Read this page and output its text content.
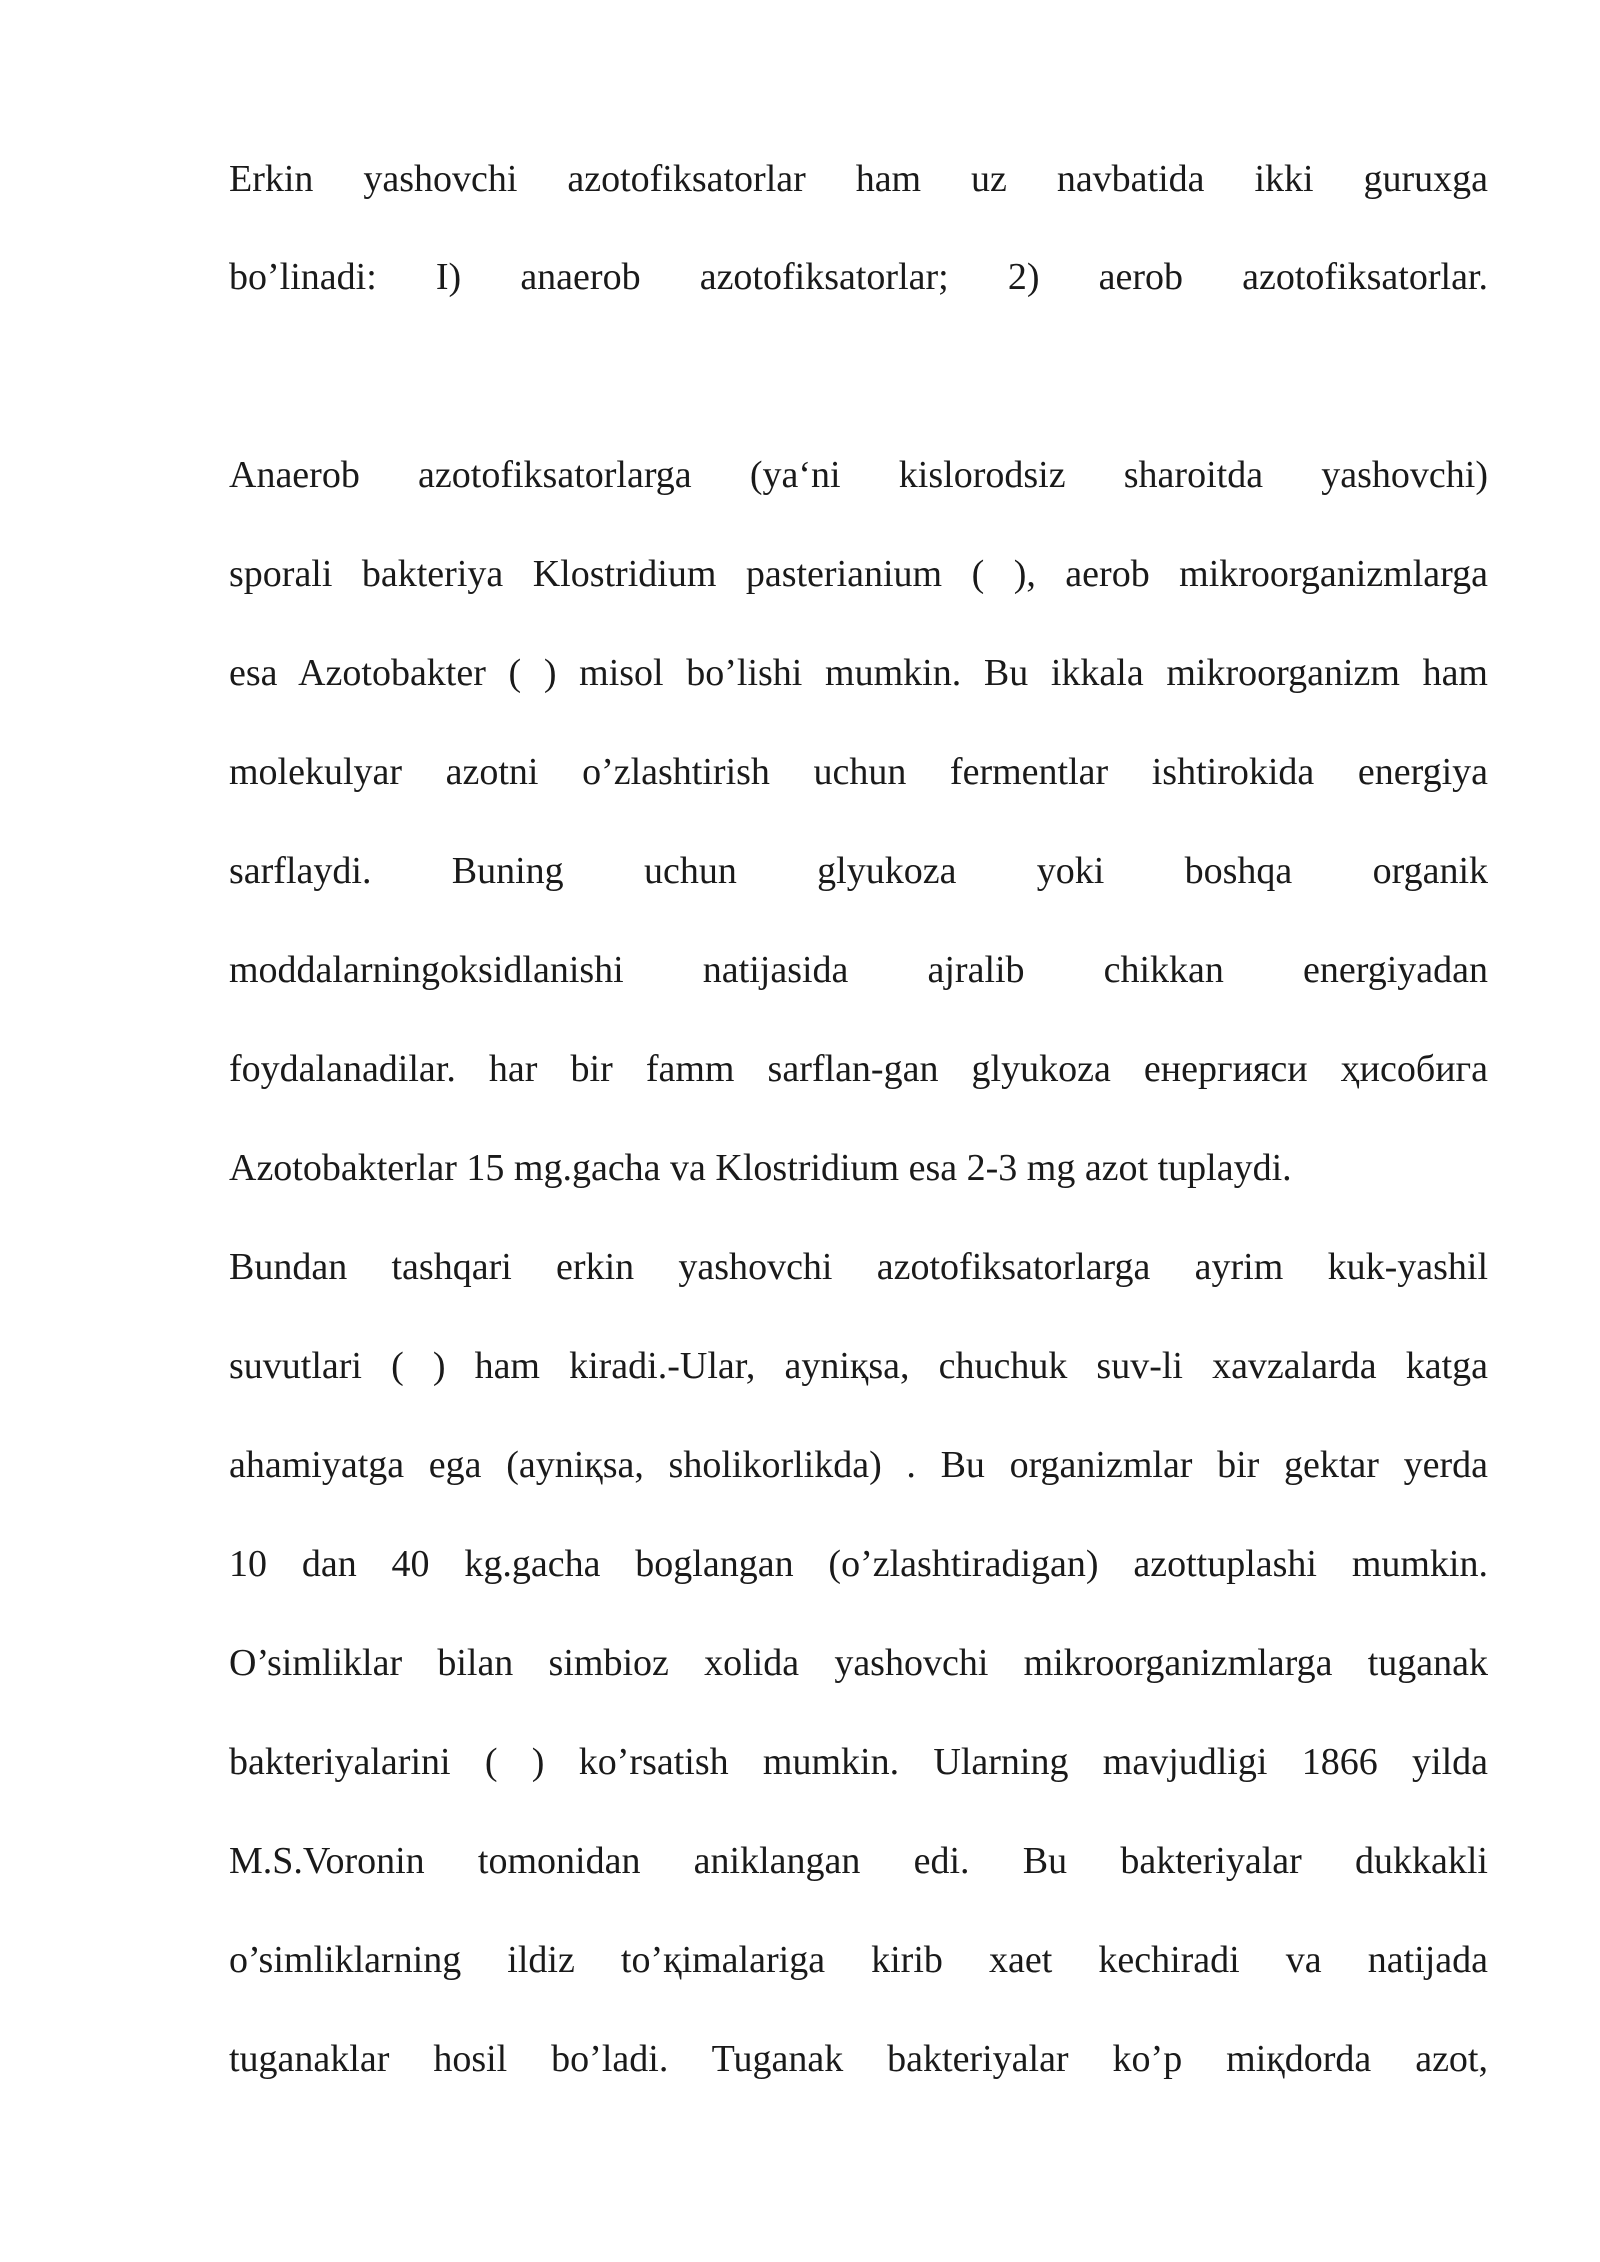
Erkin yashovchi azotofiksatorlar ham uz navbatida ikki guruxga
bo’linadi: I) anaerob azotofiksatorlar; 2) aerob azotofiksatorlar.
Anaerob azotofiksatorlarga (ya‘ni kislorodsiz sharoitda yashovchi)
sporali bakteriya Klostridium pasterianium ( ), aerob mikroorganizmlarga
esa Azotobakter ( ) misol bo’lishi mumkin. Bu ikkala mikroorganizm ham
molekulyar azotni o’zlashtirish uchun fermentlar ishtirokida energiya
sarflaydi. Buning uchun glyukoza yoki boshqa organik
moddalarningoksidlanishi natijasida ajralib chikkan energiyadan
foydalanadilar. har bir famm sarflan-gan glyukoza енергияси ҳисобига
Azotobakterlar 15 mg.gacha va Klostridium esa 2-3 mg azot tuplaydi.
Bundan tashqari erkin yashovchi azotofiksatorlarga ayrim kuk-yashil
suvutlari ( ) ham kiradi.-Ular, ayniқsa, chuchuk suv-li xavzalarda katga
ahamiyatga ega (ayniқsa, sholikorlikda) . Bu organizmlar bir gektar yerda
10 dan 40 kg.gacha boglangan (o’zlashtiradigan) azottuplashi mumkin.
O’simliklar bilan simbioz xolida yashovchi mikroorganizmlarga tuganak
bakteriyalarini ( ) ko’rsatish mumkin. Ularning mavjudligi 1866 yilda
M.S.Voronin tomonidan aniklangan edi. Bu bakteriyalar dukkakli
o’simliklarning ildiz to’қimalariga kirib xaet kechiradi va natijada
tuganaklar hosil bo’ladi. Tuganak bakteriyalar ko’p miқdorda azot,
